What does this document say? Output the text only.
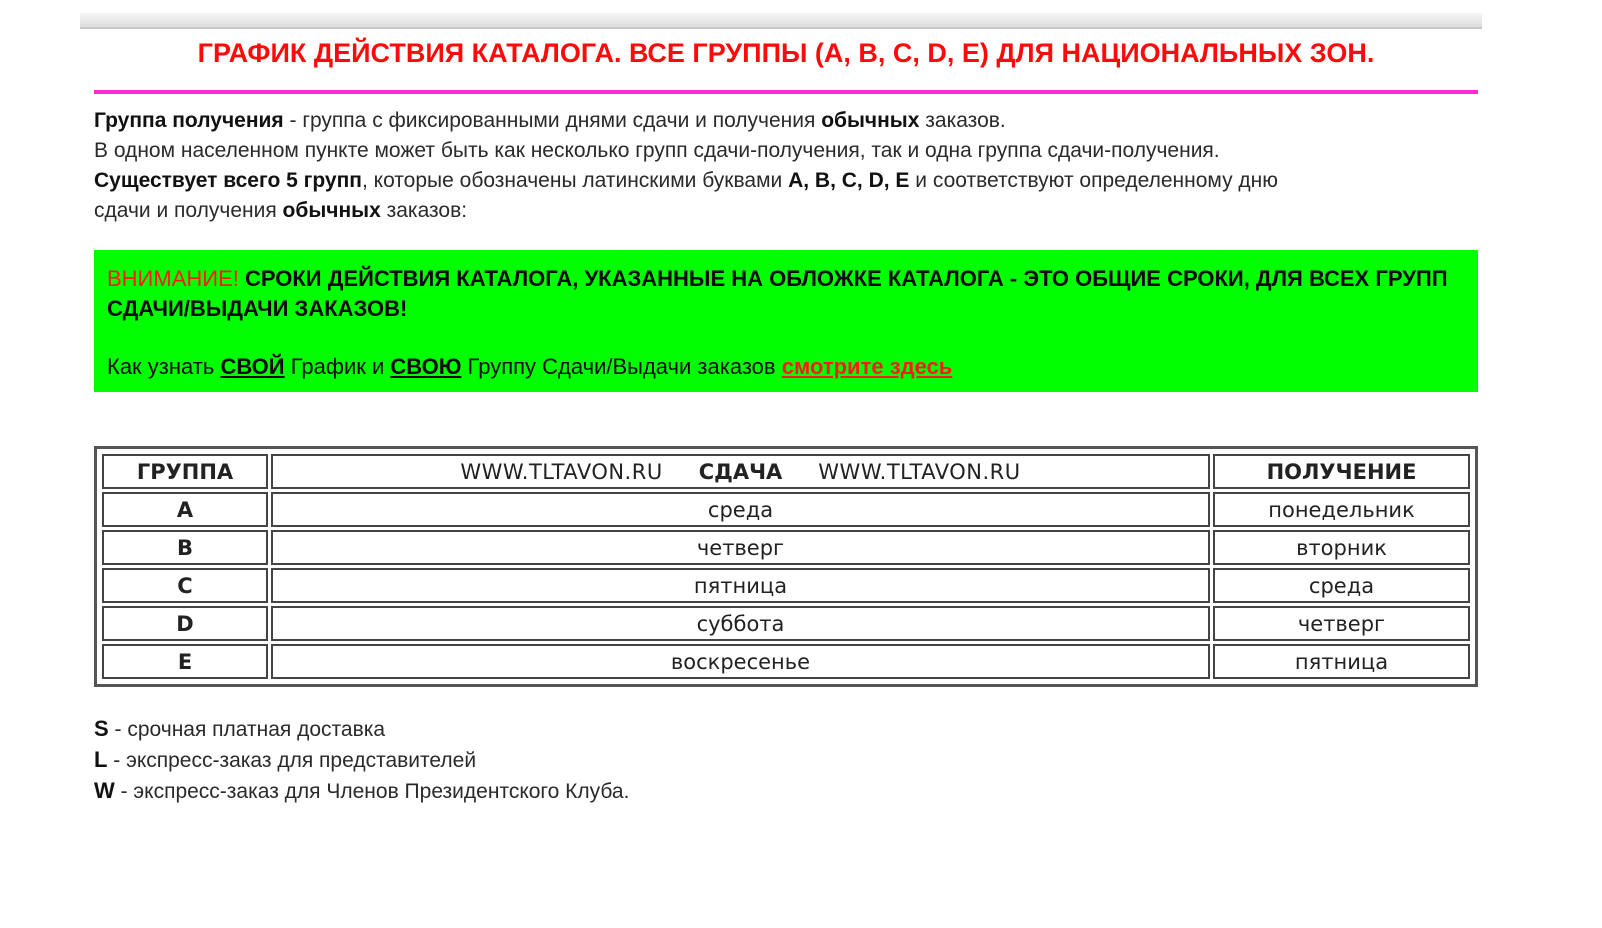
ГРАФИК ДЕЙСТВИЯ КАТАЛОГА. ВСЕ ГРУППЫ (A, B, C, D, E) ДЛЯ НАЦИОНАЛЬНЫХ ЗОН.

Группа получения - группа с фиксированными днями сдачи и получения обычных заказов.

В одном населенном пункте может быть как несколько групп сдачи-получения, так и одна группа сдачи-получения.

Существует всего 5 групп, которые обозначены латинскими буквами A, B, C, D, E и соответствуют определенному дню

сдачи и получения обычных заказов:

ВНИМАНИЕ! СРОКИ ДЕЙСТВИЯ КАТАЛОГА, УКАЗАННЫЕ НА ОБЛОЖКЕ КАТАЛОГА - ЭТО ОБЩИЕ СРОКИ, ДЛЯ ВСЕХ ГРУПП СДАЧИ/ВЫДАЧИ ЗАКАЗОВ!

Как узнать СВОЙ График и СВОЮ Группу Сдачи/Выдачи заказов смотрите здесь
ГРУППА	WWW.TLTAVON.RU СДАЧА WWW.TLTAVON.RU	ПОЛУЧЕНИЕ
A	среда	понедельник
B	четверг	вторник
C	пятница	среда
D	суббота	четверг
E	воскресенье	пятница

S - срочная платная доставка

L - экспресс-заказ для представителей

W - экспресс-заказ для Членов Президентского Клуба.
